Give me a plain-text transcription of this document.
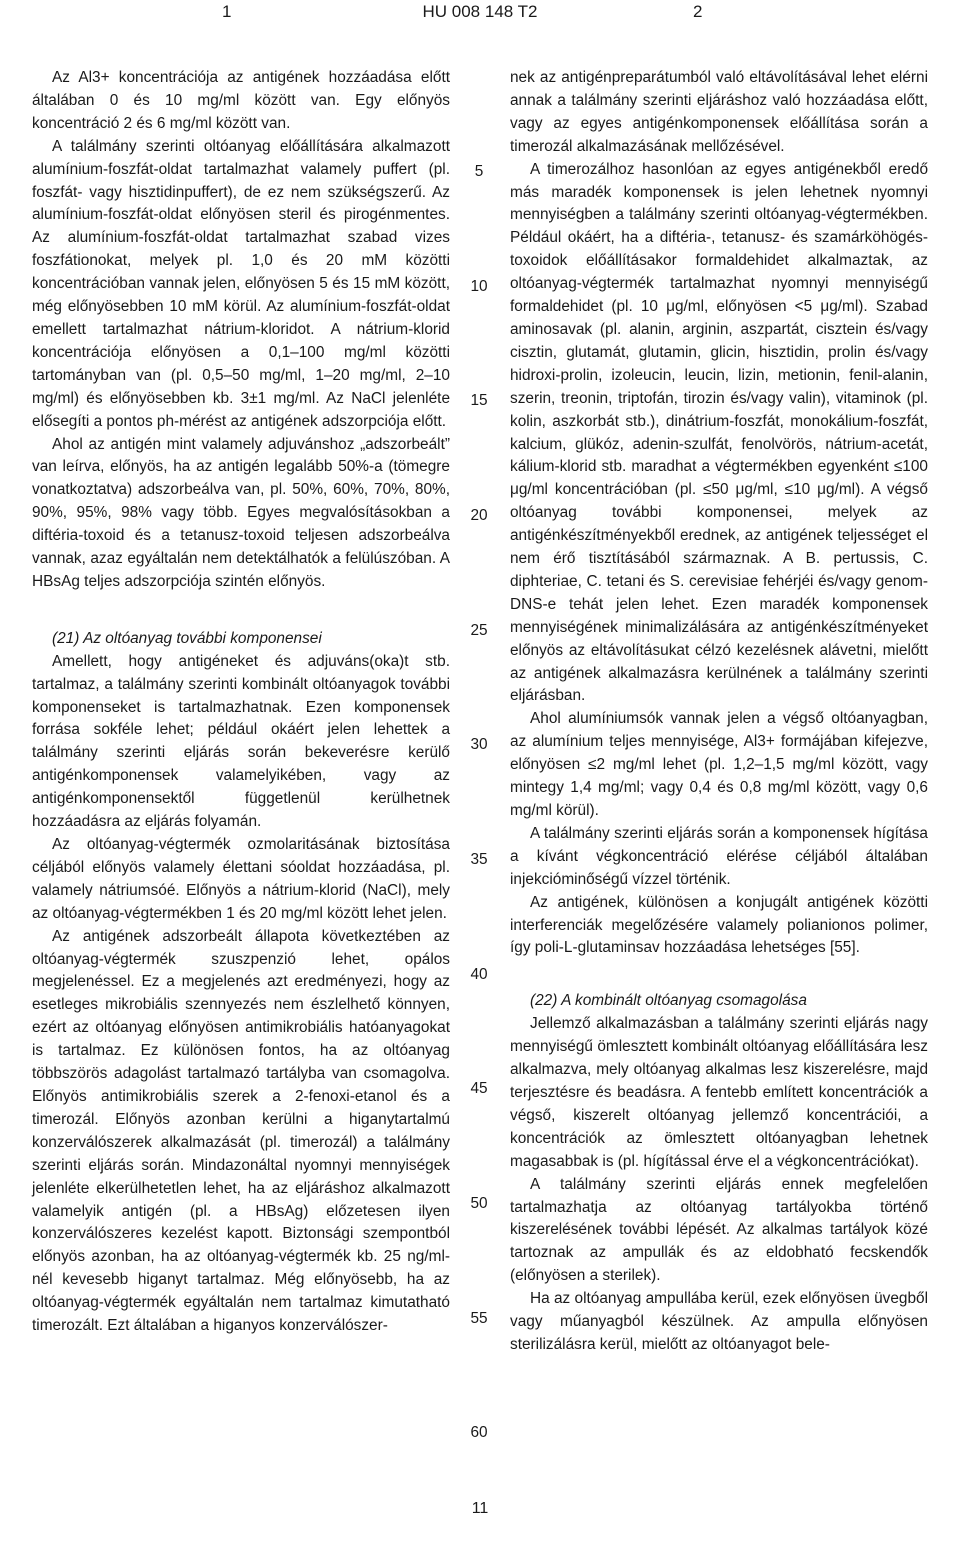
1	HU 008 148 T2	2

Az Al3+ koncentrációja az antigének hozzáadása előtt általában 0 és 10 mg/ml között van. Egy előnyös koncentráció 2 és 6 mg/ml között van.

A találmány szerinti oltóanyag előállítására alkalmazott alumínium-foszfát-oldat tartalmazhat valamely puffert (pl. foszfát- vagy hisztidinpuffert), de ez nem szükségszerű. Az alumínium-foszfát-oldat előnyösen steril és pirogénmentes. Az alumínium-foszfát-oldat tartalmazhat szabad vizes foszfátionokat, melyek pl. 1,0 és 20 mM közötti koncentrációban vannak jelen, előnyösen 5 és 15 mM között, még előnyösebben 10 mM körül. Az alumínium-foszfát-oldat emellett tartalmazhat nátrium-kloridot. A nátrium-klorid koncentrációja előnyösen a 0,1–100 mg/ml közötti tartományban van (pl. 0,5–50 mg/ml, 1–20 mg/ml, 2–10 mg/ml) és előnyösebben kb. 3±1 mg/ml. Az NaCl jelenléte elősegíti a pontos ph-mérést az antigének adszorpciója előtt.

Ahol az antigén mint valamely adjuvánshoz „adszorbeált” van leírva, előnyös, ha az antigén legalább 50%-a (tömegre vonatkoztatva) adszorbeálva van, pl. 50%, 60%, 70%, 80%, 90%, 95%, 98% vagy több. Egyes megvalósításokban a diftéria-toxoid és a tetanusz-toxoid teljesen adszorbeálva vannak, azaz egyáltalán nem detektálhatók a felülúszóban. A HBsAg teljes adszorpciója szintén előnyös.

(21) Az oltóanyag további komponensei

Amellett, hogy antigéneket és adjuváns(oka)t stb. tartalmaz, a találmány szerinti kombinált oltóanyagok további komponenseket is tartalmazhatnak. Ezen komponensek forrása sokféle lehet; például okáért jelen lehettek a találmány szerinti eljárás során bekeverésre kerülő antigénkomponensek valamelyikében, vagy az antigénkomponensektől függetlenül kerülhetnek hozzáadásra az eljárás folyamán.

Az oltóanyag-végtermék ozmolaritásának biztosítása céljából előnyös valamely élettani sóoldat hozzáadása, pl. valamely nátriumsóé. Előnyös a nátrium-klorid (NaCl), mely az oltóanyag-végtermékben 1 és 20 mg/ml között lehet jelen.

Az antigének adszorbeált állapota következtében az oltóanyag-végtermék szuszpenzió lehet, opálos megjelenéssel. Ez a megjelenés azt eredményezi, hogy az esetleges mikrobiális szennyezés nem észlelhető könnyen, ezért az oltóanyag előnyösen antimikrobiális hatóanyagokat is tartalmaz. Ez különösen fontos, ha az oltóanyag többszörös adagolást tartalmazó tartályba van csomagolva. Előnyös antimikrobiális szerek a 2-fenoxi-etanol és a timerozál. Előnyös azonban kerülni a higanytartalmú konzerválószerek alkalmazását (pl. timerozál) a találmány szerinti eljárás során. Mindazonáltal nyomnyi mennyiségek jelenléte elkerülhetetlen lehet, ha az eljáráshoz alkalmazott valamelyik antigén (pl. a HBsAg) előzetesen ilyen konzerválószeres kezelést kapott. Biztonsági szempontból előnyös azonban, ha az oltóanyag-végtermék kb. 25 ng/ml-nél kevesebb higanyt tartalmaz. Még előnyösebb, ha az oltóanyag-végtermék egyáltalán nem tartalmaz kimutatható timerozált. Ezt általában a higanyos konzerválószer-

nek az antigénpreparátumból való eltávolításával lehet elérni annak a találmány szerinti eljáráshoz való hozzáadása előtt, vagy az egyes antigénkomponensek előállítása során a timerozál alkalmazásának mellőzésével.

A timerozálhoz hasonlóan az egyes antigénekből eredő más maradék komponensek is jelen lehetnek nyomnyi mennyiségben a találmány szerinti oltóanyag-végtermékben. Például okáért, ha a diftéria-, tetanusz- és szamárköhögés-toxoidok előállításakor formaldehidet alkalmaztak, az oltóanyag-végtermék tartalmazhat nyomnyi mennyiségű formaldehidet (pl. 10 μg/ml, előnyösen <5 μg/ml). Szabad aminosavak (pl. alanin, arginin, aszpartát, cisztein és/vagy cisztin, glutamát, glutamin, glicin, hisztidin, prolin és/vagy hidroxi-prolin, izoleucin, leucin, lizin, metionin, fenil-alanin, szerin, treonin, triptofán, tirozin és/vagy valin), vitaminok (pl. kolin, aszkorbát stb.), dinátrium-foszfát, monokálium-foszfát, kalcium, glükóz, adenin-szulfát, fenolvörös, nátrium-acetát, kálium-klorid stb. maradhat a végtermékben egyenként ≤100 μg/ml koncentrációban (pl. ≤50 μg/ml, ≤10 μg/ml). A végső oltóanyag további komponensei, melyek az antigénkészítményekből erednek, az antigének teljességet el nem érő tisztításából származnak. A B. pertussis, C. diphteriae, C. tetani és S. cerevisiae fehérjéi és/vagy genom-DNS-e tehát jelen lehet. Ezen maradék komponensek mennyiségének minimalizálására az antigénkészítményeket előnyös az eltávolításukat célzó kezelésnek alávetni, mielőtt az antigének alkalmazásra kerülnének a találmány szerinti eljárásban.

Ahol alumíniumsók vannak jelen a végső oltóanyagban, az alumínium teljes mennyisége, Al3+ formájában kifejezve, előnyösen ≤2 mg/ml lehet (pl. 1,2–1,5 mg/ml között, vagy mintegy 1,4 mg/ml; vagy 0,4 és 0,8 mg/ml között, vagy 0,6 mg/ml körül).

A találmány szerinti eljárás során a komponensek hígítása a kívánt végkoncentráció elérése céljából általában injekcióminőségű vízzel történik.

Az antigének, különösen a konjugált antigének közötti interferenciák megelőzésére valamely polianionos polimer, így poli-L-glutaminsav hozzáadása lehetséges [55].

(22) A kombinált oltóanyag csomagolása

Jellemző alkalmazásban a találmány szerinti eljárás nagy mennyiségű ömlesztett kombinált oltóanyag előállítására lesz alkalmazva, mely oltóanyag alkalmas lesz kiszerelésre, majd terjesztésre és beadásra. A fentebb említett koncentrációk a végső, kiszerelt oltóanyag jellemző koncentrációi, a koncentrációk az ömlesztett oltóanyagban lehetnek magasabbak is (pl. hígítással érve el a végkoncentrációkat).

A találmány szerinti eljárás ennek megfelelően tartalmazhatja az oltóanyag tartályokba történő kiszerelésének további lépését. Az alkalmas tartályok közé tartoznak az ampullák és az eldobható fecskendők (előnyösen a sterilek).

Ha az oltóanyag ampullába kerül, ezek előnyösen üvegből vagy műanyagból készülnek. Az ampulla előnyösen sterilizálásra kerül, mielőtt az oltóanyagot bele-

5
10
15
20
25
30
35
40
45
50
55
60
11
